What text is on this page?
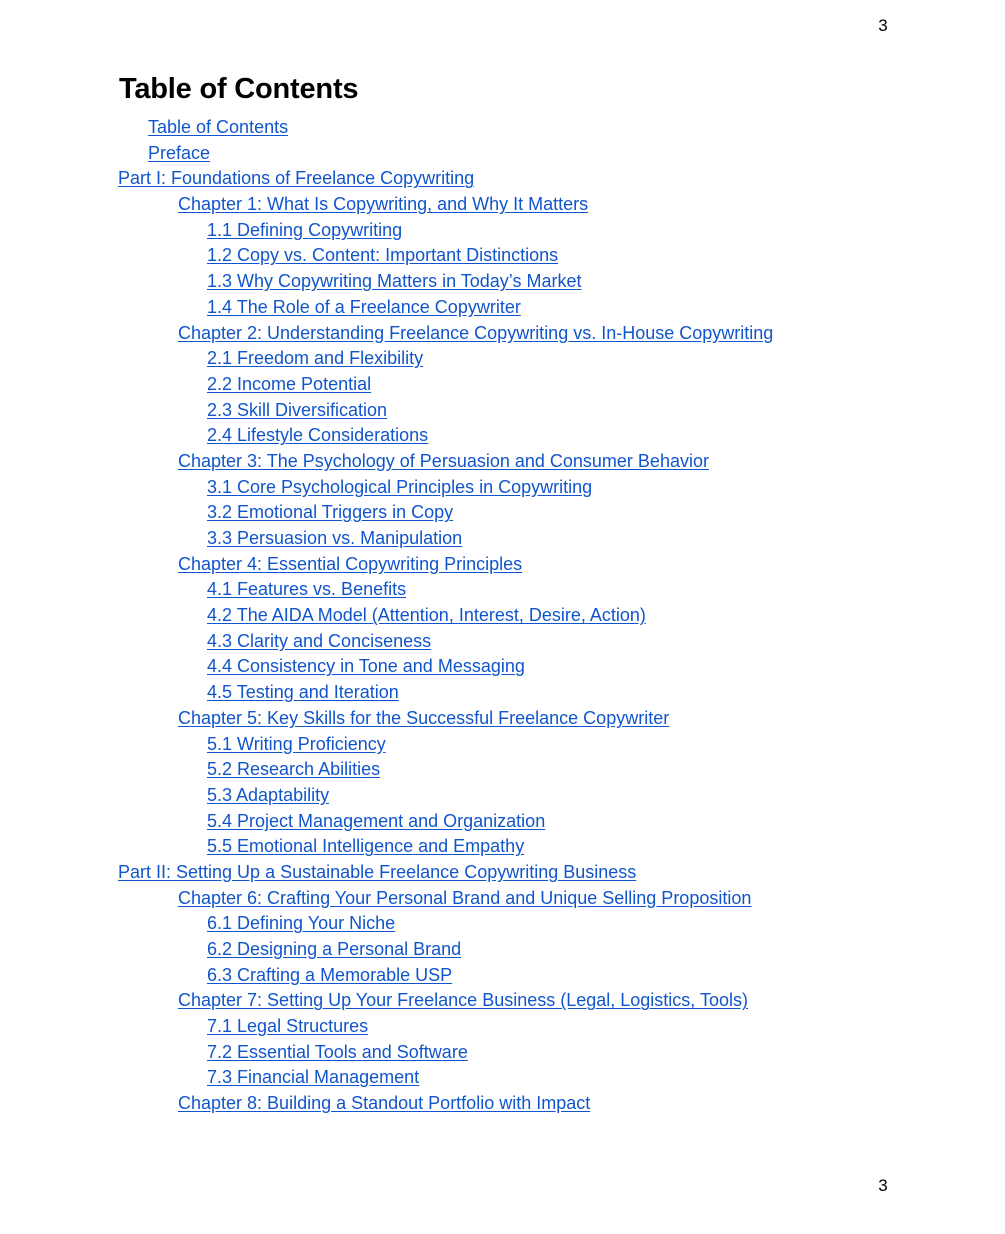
3
Table of Contents
Table of Contents
Preface
Part I: Foundations of Freelance Copywriting
Chapter 1: What Is Copywriting, and Why It Matters
1.1 Defining Copywriting
1.2 Copy vs. Content: Important Distinctions
1.3 Why Copywriting Matters in Today’s Market
1.4 The Role of a Freelance Copywriter
Chapter 2: Understanding Freelance Copywriting vs. In-House Copywriting
2.1 Freedom and Flexibility
2.2 Income Potential
2.3 Skill Diversification
2.4 Lifestyle Considerations
Chapter 3: The Psychology of Persuasion and Consumer Behavior
3.1 Core Psychological Principles in Copywriting
3.2 Emotional Triggers in Copy
3.3 Persuasion vs. Manipulation
Chapter 4: Essential Copywriting Principles
4.1 Features vs. Benefits
4.2 The AIDA Model (Attention, Interest, Desire, Action)
4.3 Clarity and Conciseness
4.4 Consistency in Tone and Messaging
4.5 Testing and Iteration
Chapter 5: Key Skills for the Successful Freelance Copywriter
5.1 Writing Proficiency
5.2 Research Abilities
5.3 Adaptability
5.4 Project Management and Organization
5.5 Emotional Intelligence and Empathy
Part II: Setting Up a Sustainable Freelance Copywriting Business
Chapter 6: Crafting Your Personal Brand and Unique Selling Proposition
6.1 Defining Your Niche
6.2 Designing a Personal Brand
6.3 Crafting a Memorable USP
Chapter 7: Setting Up Your Freelance Business (Legal, Logistics, Tools)
7.1 Legal Structures
7.2 Essential Tools and Software
7.3 Financial Management
Chapter 8: Building a Standout Portfolio with Impact
3
